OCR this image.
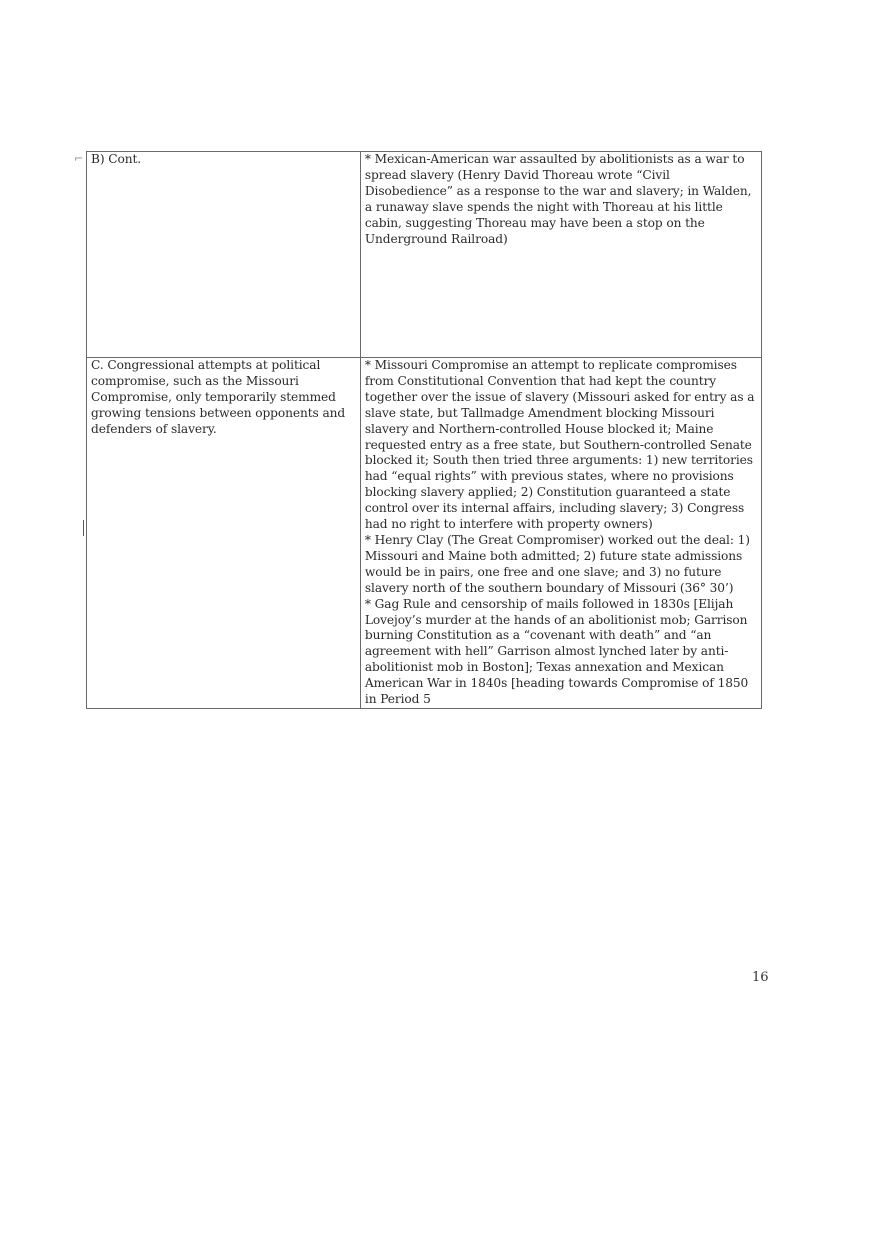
⌐ B) Cont.	* Mexican-American war assaulted by abolitionists as a war to spread slavery (Henry David Thoreau wrote “Civil Disobedience” as a response to the war and slavery; in Walden, a runaway slave spends the night with Thoreau at his little cabin, suggesting Thoreau may have been a stop on the Underground Railroad)

C. Congressional attempts at political compromise, such as the Missouri Compromise, only temporarily stemmed growing tensions between opponents and defenders of slavery.	* Missouri Compromise an attempt to replicate compromises from Constitutional Convention that had kept the country together over the issue of slavery (Missouri asked for entry as a slave state, but Tallmadge Amendment blocking Missouri slavery and Northern-controlled House blocked it; Maine requested entry as a free state, but Southern-controlled Senate blocked it; South then tried three arguments: 1) new territories had “equal rights” with previous states, where no provisions blocking slavery applied; 2) Constitution guaranteed a state control over its internal affairs, including slavery; 3) Congress had no right to interfere with property owners)

* Henry Clay (The Great Compromiser) worked out the deal: 1) Missouri and Maine both admitted; 2) future state admissions would be in pairs, one free and one slave; and 3) no future slavery north of the southern boundary of Missouri (36° 30’)

* Gag Rule and censorship of mails followed in 1830s [Elijah Lovejoy’s murder at the hands of an abolitionist mob; Garrison burning Constitution as a “covenant with death” and “an agreement with hell” Garrison almost lynched later by anti-abolitionist mob in Boston]; Texas annexation and Mexican American War in 1840s [heading towards Compromise of 1850 in Period 5

16
